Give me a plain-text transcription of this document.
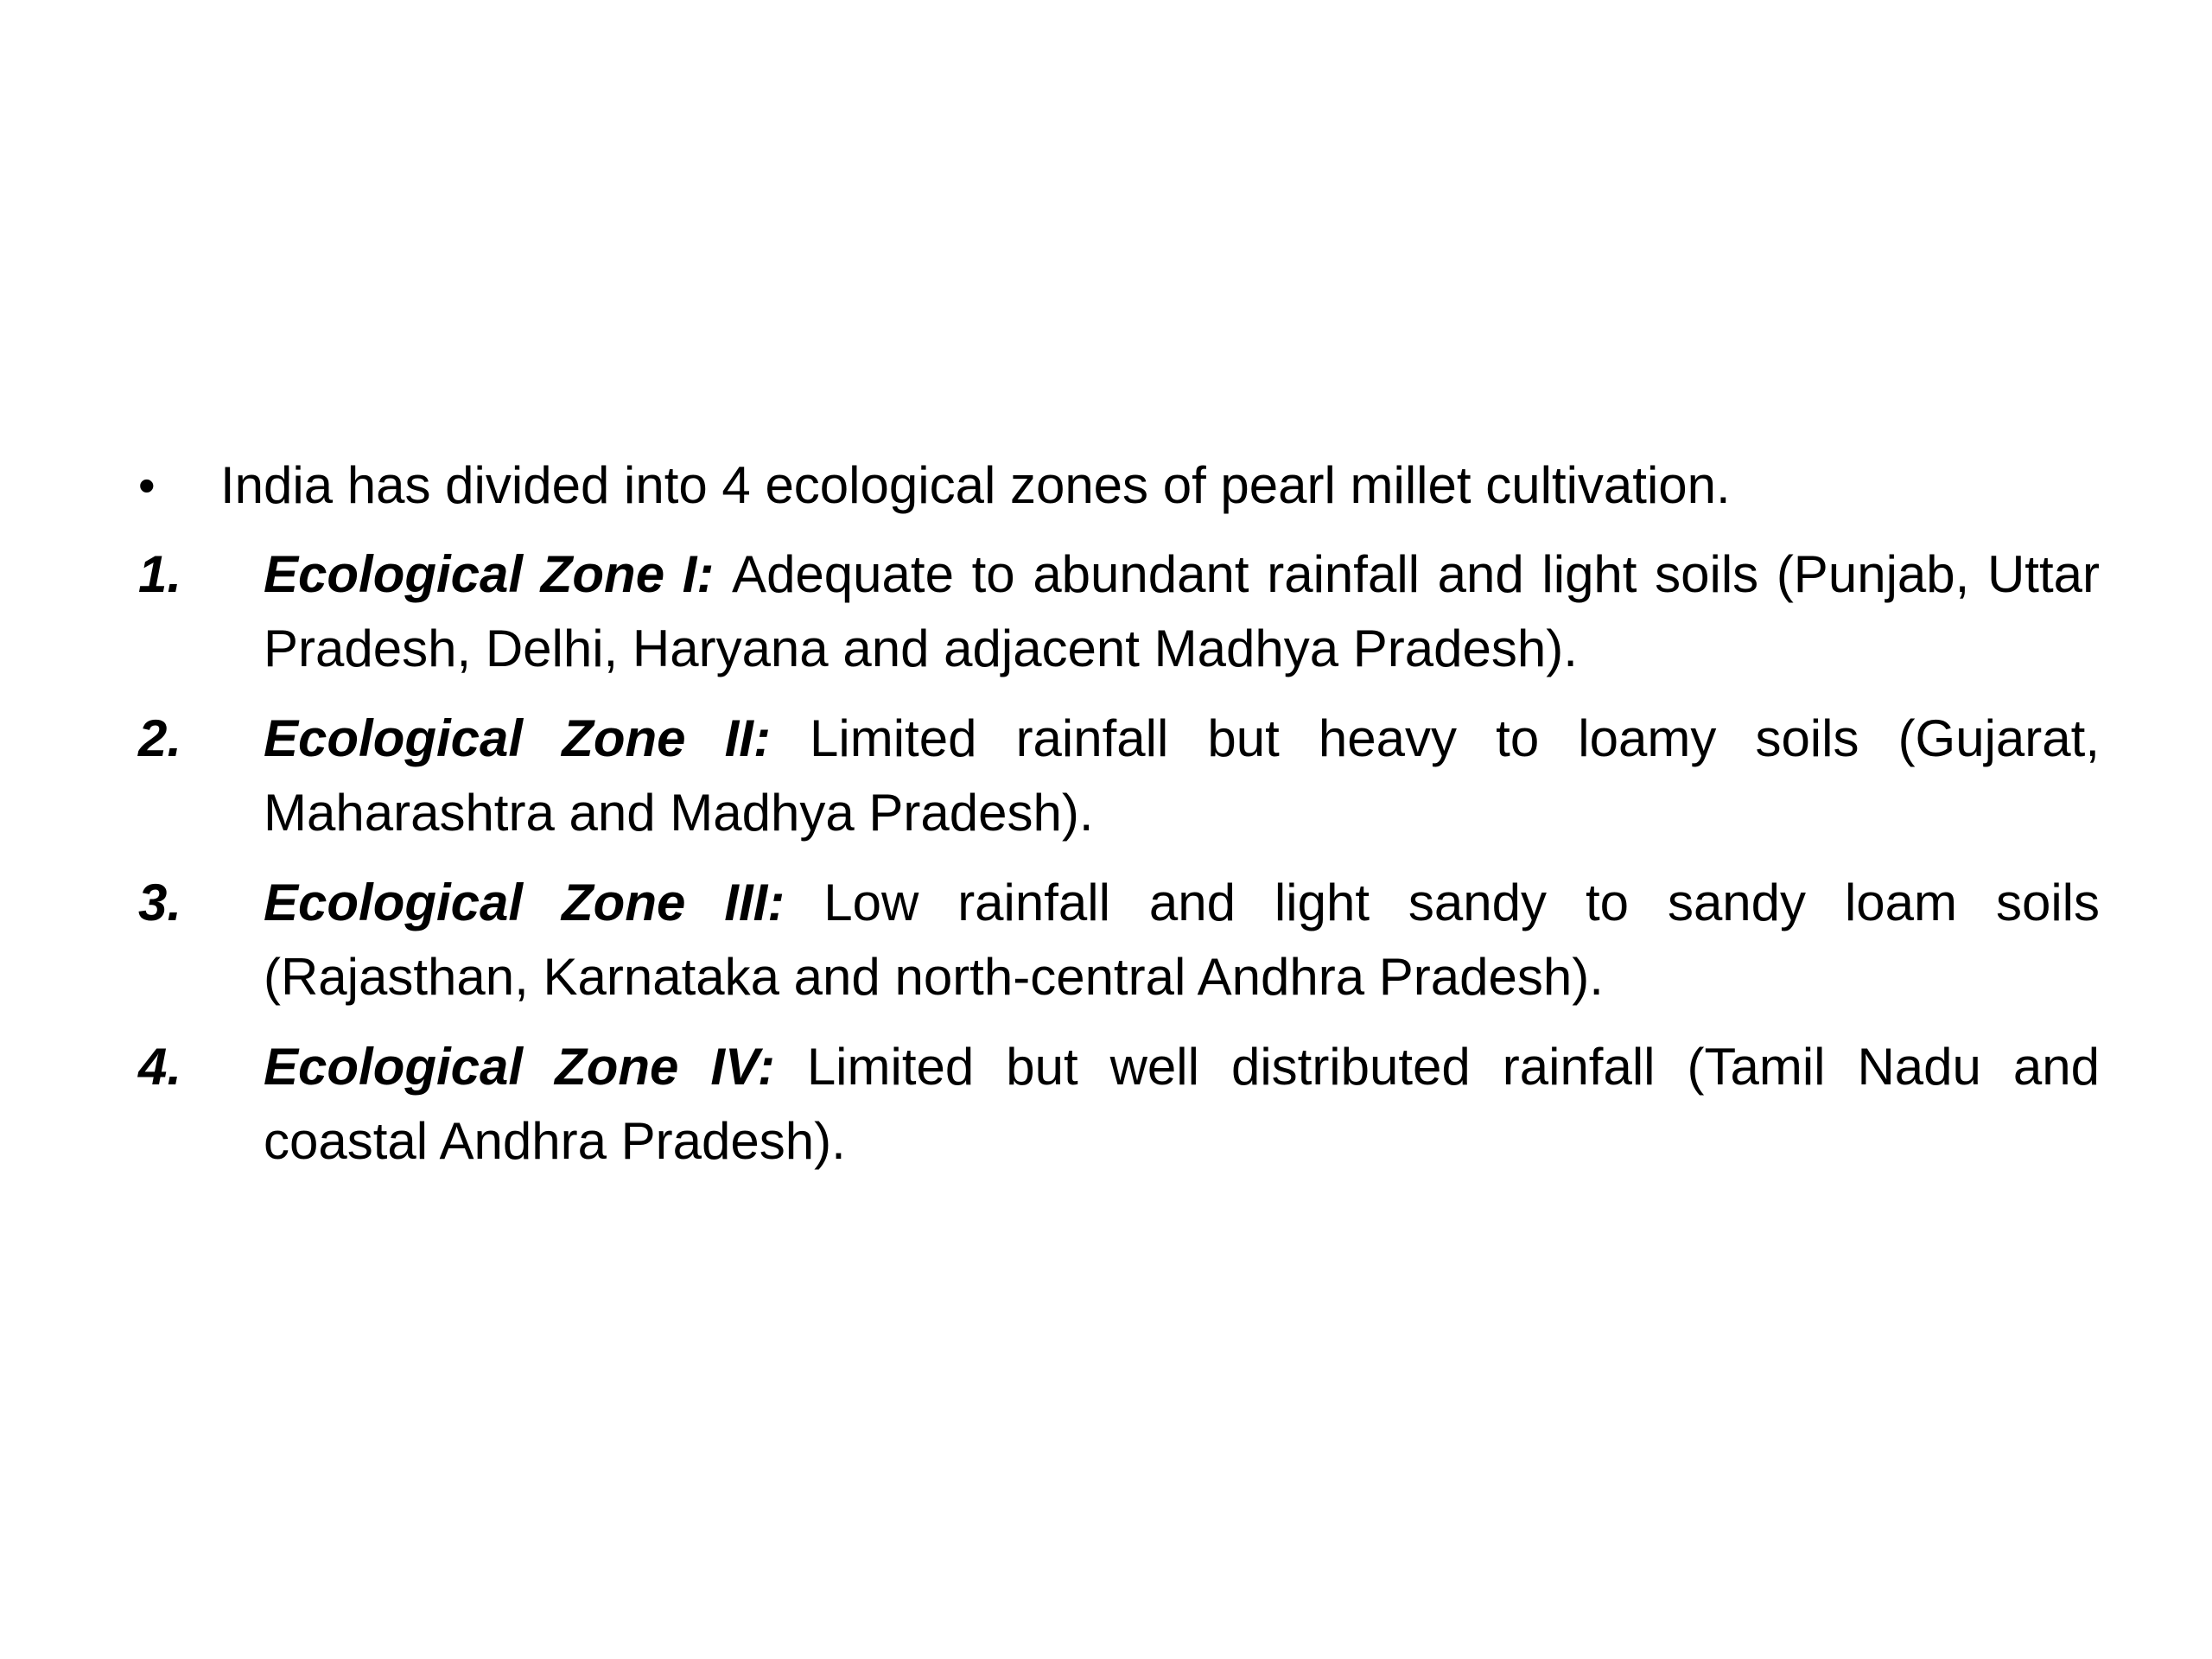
•	India has divided into 4 ecological zones of pearl millet cultivation.
1. Ecological Zone I: Adequate to abundant rainfall and light soils (Punjab, Uttar Pradesh, Delhi, Haryana and adjacent Madhya Pradesh).
2. Ecological Zone II: Limited rainfall but heavy to loamy soils (Gujarat, Maharashtra and Madhya Pradesh).
3. Ecological Zone III: Low rainfall and light sandy to sandy loam soils (Rajasthan, Karnataka and north-central Andhra Pradesh).
4. Ecological Zone IV: Limited but well distributed rainfall (Tamil Nadu and coastal Andhra Pradesh).
